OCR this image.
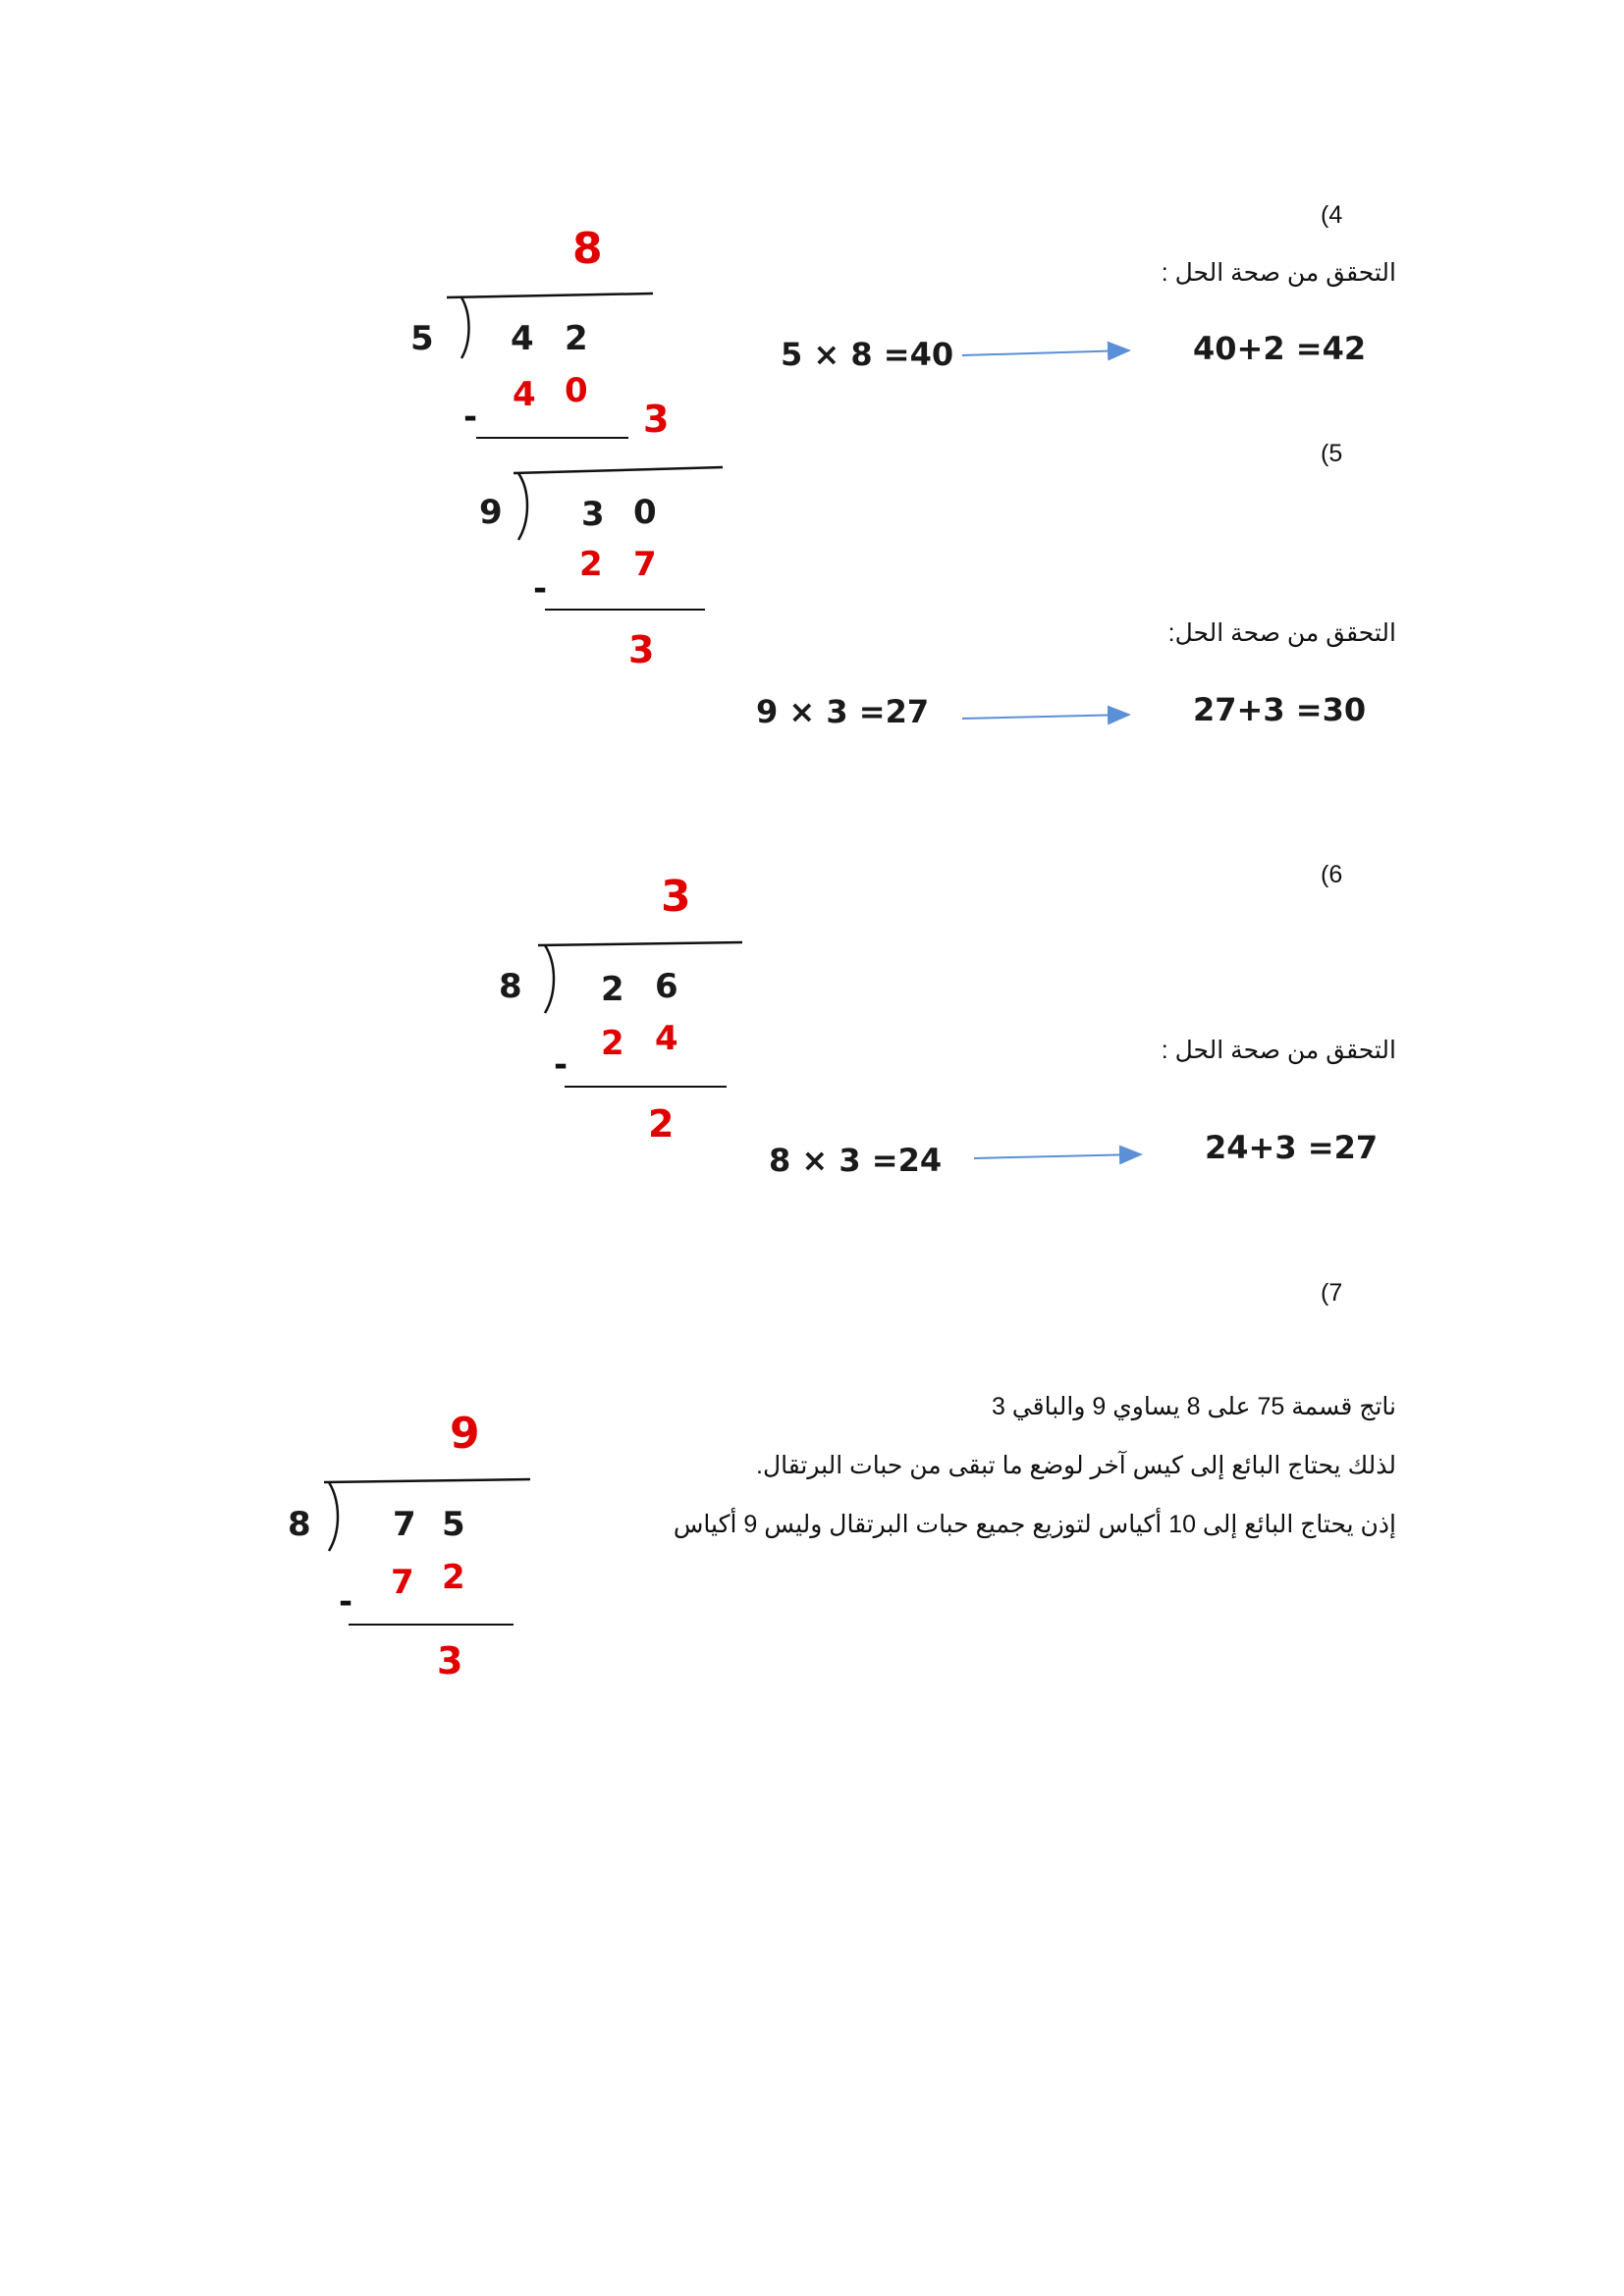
(4
التحقق من صحة الحل :
8
5 4 2
4 0
-	3
5 × 8 =40	40+2 =42
(5
9 3 0
2 7
-
3	التحقق من صحة الحل:
9 × 3 =27	27+3 =30
(6
3
8 2 6
2 4
-
2
التحقق من صحة الحل :
8 × 3 =24	24+3 =27
(7
9
8 7 5
7 2
-
3
ناتج قسمة 75 على 8 يساوي 9 والباقي 3
لذلك يحتاج البائع إلى كيس آخر لوضع ما تبقى من حبات البرتقال.
إذن يحتاج البائع إلى 10 أكياس لتوزيع جميع حبات البرتقال وليس 9 أكياس
